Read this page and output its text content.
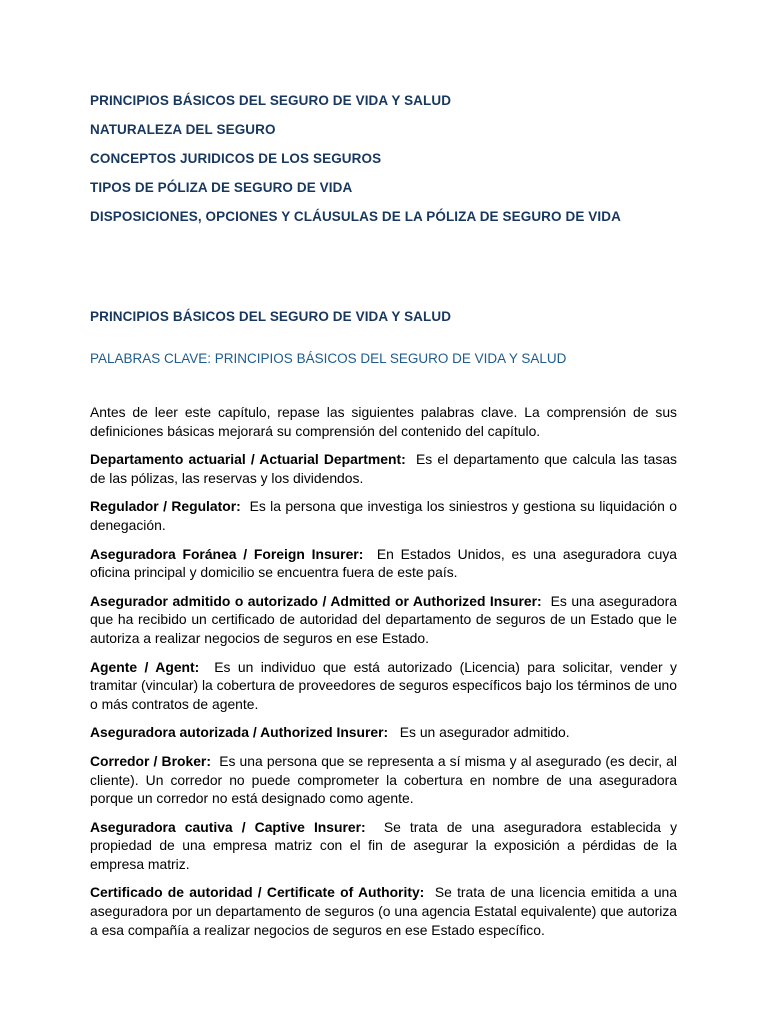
PRINCIPIOS BÁSICOS DEL SEGURO DE VIDA Y SALUD
NATURALEZA DEL SEGURO
CONCEPTOS JURIDICOS DE LOS SEGUROS
TIPOS DE PÓLIZA DE SEGURO DE VIDA
DISPOSICIONES, OPCIONES Y CLÁUSULAS DE LA PÓLIZA DE SEGURO DE VIDA
PRINCIPIOS BÁSICOS DEL SEGURO DE VIDA Y SALUD
PALABRAS CLAVE: PRINCIPIOS BÁSICOS DEL SEGURO DE VIDA Y SALUD

Antes de leer este capítulo, repase las siguientes palabras clave. La comprensión de sus definiciones básicas mejorará su comprensión del contenido del capítulo.

Departamento actuarial / Actuarial Department: Es el departamento que calcula las tasas de las pólizas, las reservas y los dividendos.

Regulador / Regulator: Es la persona que investiga los siniestros y gestiona su liquidación o denegación.

Aseguradora Foránea / Foreign Insurer: En Estados Unidos, es una aseguradora cuya oficina principal y domicilio se encuentra fuera de este país.

Asegurador admitido o autorizado / Admitted or Authorized Insurer: Es una aseguradora que ha recibido un certificado de autoridad del departamento de seguros de un Estado que le autoriza a realizar negocios de seguros en ese Estado.

Agente / Agent: Es un individuo que está autorizado (Licencia) para solicitar, vender y tramitar (vincular) la cobertura de proveedores de seguros específicos bajo los términos de uno o más contratos de agente.

Aseguradora autorizada / Authorized Insurer: Es un asegurador admitido.

Corredor / Broker: Es una persona que se representa a sí misma y al asegurado (es decir, al cliente). Un corredor no puede comprometer la cobertura en nombre de una aseguradora porque un corredor no está designado como agente.

Aseguradora cautiva / Captive Insurer: Se trata de una aseguradora establecida y propiedad de una empresa matriz con el fin de asegurar la exposición a pérdidas de la empresa matriz.

Certificado de autoridad / Certificate of Authority: Se trata de una licencia emitida a una aseguradora por un departamento de seguros (o una agencia Estatal equivalente) que autoriza a esa compañía a realizar negocios de seguros en ese Estado específico.
